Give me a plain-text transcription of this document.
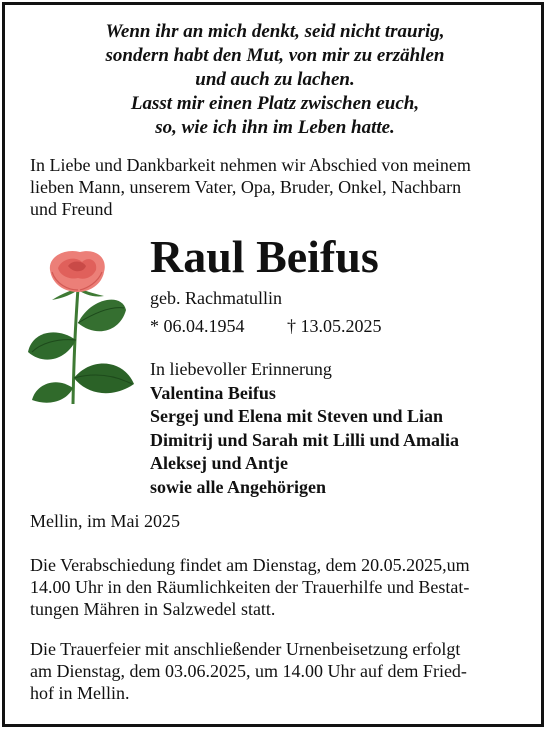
Wenn ihr an mich denkt, seid nicht traurig,
sondern habt den Mut, von mir zu erzählen
und auch zu lachen.
Lasst mir einen Platz zwischen euch,
so, wie ich ihn im Leben hatte.
In Liebe und Dankbarkeit nehmen wir Abschied von meinem
lieben Mann, unserem Vater, Opa, Bruder, Onkel, Nachbarn
und Freund
Raul Beifus
geb. Rachmatullin
* 06.04.1954 † 13.05.2025
In liebevoller Erinnerung
Valentina Beifus
Sergej und Elena mit Steven und Lian
Dimitrij und Sarah mit Lilli und Amalia
Aleksej und Antje
sowie alle Angehörigen
Mellin, im Mai 2025
Die Verabschiedung findet am Dienstag, dem 20.05.2025,um
14.00 Uhr in den Räumlichkeiten der Trauerhilfe und Bestat-
tungen Mähren in Salzwedel statt.
Die Trauerfeier mit anschließender Urnenbeisetzung erfolgt
am Dienstag, dem 03.06.2025, um 14.00 Uhr auf dem Fried-
hof in Mellin.
